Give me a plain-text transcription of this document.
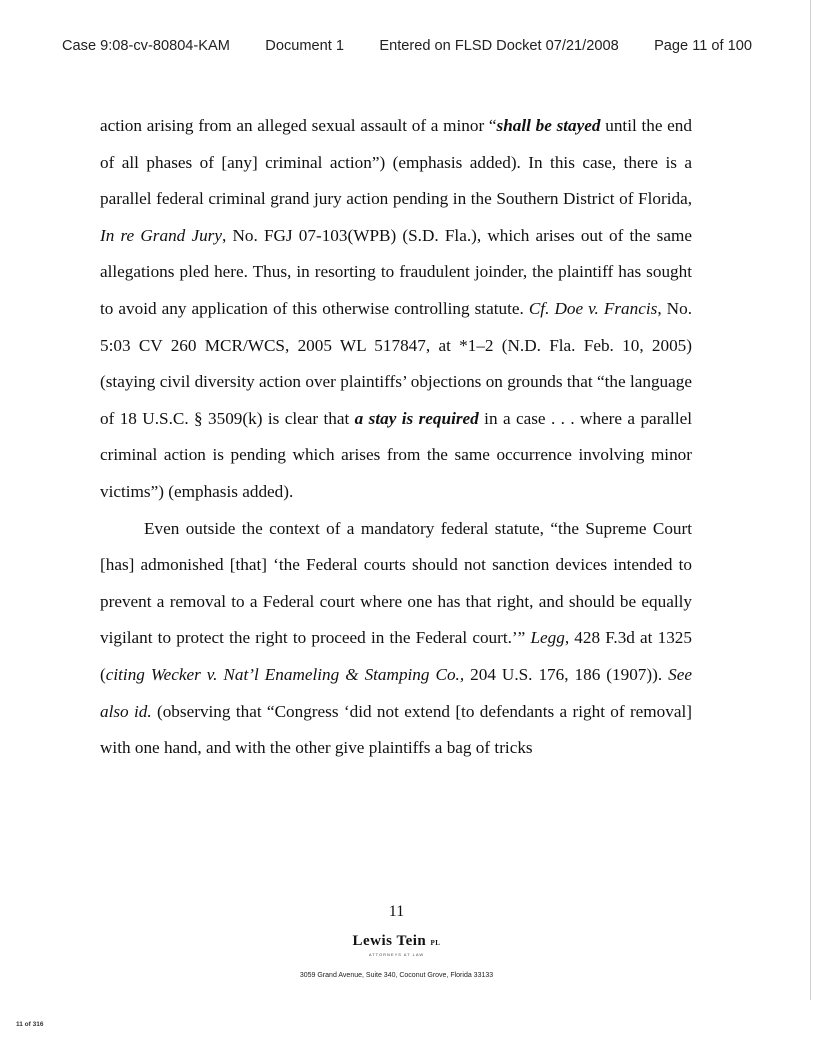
Case 9:08-cv-80804-KAM Document 1 Entered on FLSD Docket 07/21/2008 Page 11 of 100

action arising from an alleged sexual assault of a minor “shall be stayed until the end of all phases of [any] criminal action”) (emphasis added). In this case, there is a parallel federal criminal grand jury action pending in the Southern District of Florida, In re Grand Jury, No. FGJ 07-103(WPB) (S.D. Fla.), which arises out of the same allegations pled here. Thus, in resorting to fraudulent joinder, the plaintiff has sought to avoid any application of this otherwise controlling statute. Cf. Doe v. Francis, No. 5:03 CV 260 MCR/WCS, 2005 WL 517847, at *1–2 (N.D. Fla. Feb. 10, 2005) (staying civil diversity action over plaintiffs’ objections on grounds that “the language of 18 U.S.C. § 3509(k) is clear that a stay is required in a case . . . where a parallel criminal action is pending which arises from the same occurrence involving minor victims”) (emphasis added).

Even outside the context of a mandatory federal statute, “the Supreme Court [has] admonished [that] ‘the Federal courts should not sanction devices intended to prevent a removal to a Federal court where one has that right, and should be equally vigilant to protect the right to proceed in the Federal court.’” Legg, 428 F.3d at 1325 (citing Wecker v. Nat’l Enameling & Stamping Co., 204 U.S. 176, 186 (1907)). See also id. (observing that “Congress ‘did not extend [to defendants a right of removal] with one hand, and with the other give plaintiffs a bag of tricks

11
Lewis Tein PL
ATTORNEYS AT LAW
3059 Grand Avenue, Suite 340, Coconut Grove, Florida 33133
11 of 316
